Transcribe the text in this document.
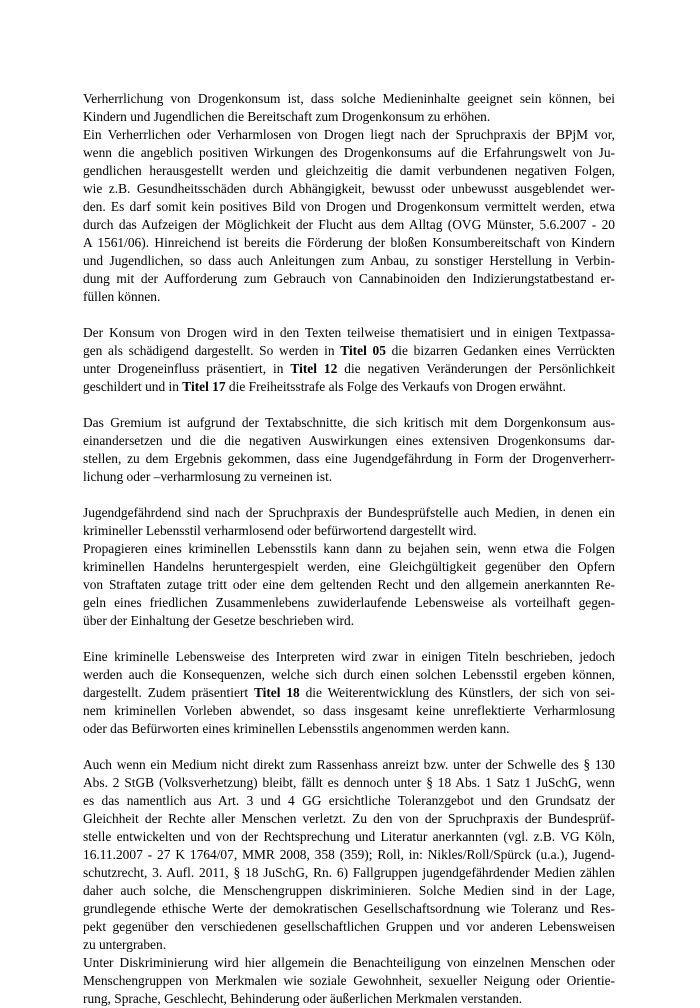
Verherrlichung von Drogenkonsum ist, dass solche Medieninhalte geeignet sein können, bei
Kindern und Jugendlichen die Bereitschaft zum Drogenkonsum zu erhöhen.
Ein Verherrlichen oder Verharmlosen von Drogen liegt nach der Spruchpraxis der BPjM vor,
wenn die angeblich positiven Wirkungen des Drogenkonsums auf die Erfahrungswelt von Ju-
gendlichen herausgestellt werden und gleichzeitig die damit verbundenen negativen Folgen,
wie z.B. Gesundheitsschäden durch Abhängigkeit, bewusst oder unbewusst ausgeblendet wer-
den. Es darf somit kein positives Bild von Drogen und Drogenkonsum vermittelt werden, etwa
durch das Aufzeigen der Möglichkeit der Flucht aus dem Alltag (OVG Münster, 5.6.2007 - 20
A 1561/06). Hinreichend ist bereits die Förderung der bloßen Konsumbereitschaft von Kindern
und Jugendlichen, so dass auch Anleitungen zum Anbau, zu sonstiger Herstellung in Verbin-
dung mit der Aufforderung zum Gebrauch von Cannabinoiden den Indizierungstatbestand er-
füllen können.
Der Konsum von Drogen wird in den Texten teilweise thematisiert und in einigen Textpassa-
gen als schädigend dargestellt. So werden in Titel 05 die bizarren Gedanken eines Verrückten
unter Drogeneinfluss präsentiert, in Titel 12 die negativen Veränderungen der Persönlichkeit
geschildert und in Titel 17 die Freiheitsstrafe als Folge des Verkaufs von Drogen erwähnt.
Das Gremium ist aufgrund der Textabschnitte, die sich kritisch mit dem Dorgenkonsum aus-
einandersetzen und die die negativen Auswirkungen eines extensiven Drogenkonsums dar-
stellen, zu dem Ergebnis gekommen, dass eine Jugendgefährdung in Form der Drogenverherr-
lichung oder –verharmlosung zu verneinen ist.
Jugendgefährdend sind nach der Spruchpraxis der Bundesprüfstelle auch Medien, in denen ein
krimineller Lebensstil verharmlosend oder befürwortend dargestellt wird.
Propagieren eines kriminellen Lebensstils kann dann zu bejahen sein, wenn etwa die Folgen
kriminellen Handelns heruntergespielt werden, eine Gleichgültigkeit gegenüber den Opfern
von Straftaten zutage tritt oder eine dem geltenden Recht und den allgemein anerkannten Re-
geln eines friedlichen Zusammenlebens zuwiderlaufende Lebensweise als vorteilhaft gegen-
über der Einhaltung der Gesetze beschrieben wird.
Eine kriminelle Lebensweise des Interpreten wird zwar in einigen Titeln beschrieben, jedoch
werden auch die Konsequenzen, welche sich durch einen solchen Lebensstil ergeben können,
dargestellt. Zudem präsentiert Titel 18 die Weiterentwicklung des Künstlers, der sich von sei-
nem kriminellen Vorleben abwendet, so dass insgesamt keine unreflektierte Verharmlosung
oder das Befürworten eines kriminellen Lebensstils angenommen werden kann.
Auch wenn ein Medium nicht direkt zum Rassenhass anreizt bzw. unter der Schwelle des § 130
Abs. 2 StGB (Volksverhetzung) bleibt, fällt es dennoch unter § 18 Abs. 1 Satz 1 JuSchG, wenn
es das namentlich aus Art. 3 und 4 GG ersichtliche Toleranzgebot und den Grundsatz der
Gleichheit der Rechte aller Menschen verletzt. Zu den von der Spruchpraxis der Bundesprüf-
stelle entwickelten und von der Rechtsprechung und Literatur anerkannten (vgl. z.B. VG Köln,
16.11.2007 - 27 K 1764/07, MMR 2008, 358 (359); Roll, in: Nikles/Roll/Spürck (u.a.), Jugend-
schutzrecht, 3. Aufl. 2011, § 18 JuSchG, Rn. 6) Fallgruppen jugendgefährdender Medien zählen
daher auch solche, die Menschengruppen diskriminieren. Solche Medien sind in der Lage,
grundlegende ethische Werte der demokratischen Gesellschaftsordnung wie Toleranz und Res-
pekt gegenüber den verschiedenen gesellschaftlichen Gruppen und vor anderen Lebensweisen
zu untergraben.
Unter Diskriminierung wird hier allgemein die Benachteiligung von einzelnen Menschen oder
Menschengruppen von Merkmalen wie soziale Gewohnheit, sexueller Neigung oder Orientie-
rung, Sprache, Geschlecht, Behinderung oder äußerlichen Merkmalen verstanden.
